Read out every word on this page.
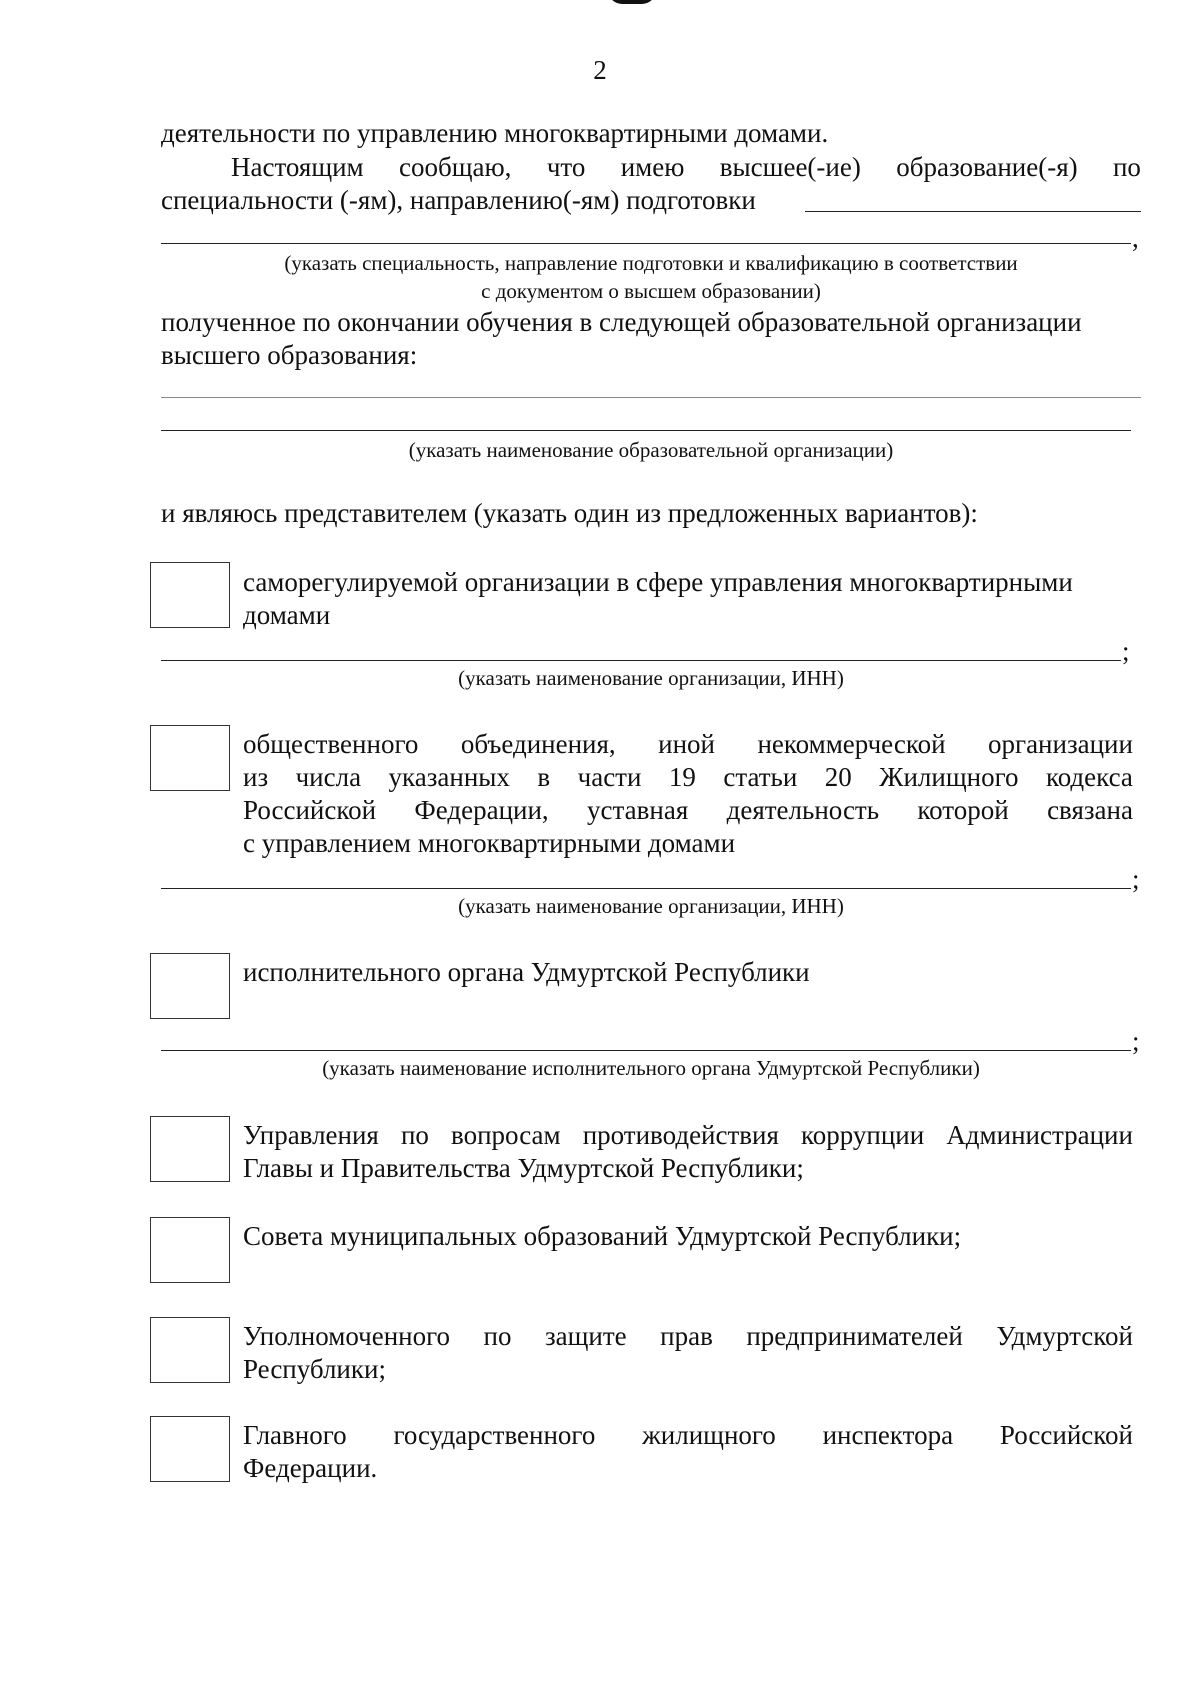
2
деятельности по управлению многоквартирными домами.
Настоящим сообщаю, что имею высшее(-ие) образование(-я) по
специальности (-ям), направлению(-ям) подготовки
,
(указать специальность, направление подготовки и квалификацию в соответствии
с документом о высшем образовании)
полученное по окончании обучения в следующей образовательной организации
высшего образования:
(указать наименование образовательной организации)
и являюсь представителем (указать один из предложенных вариантов):
саморегулируемой организации в сфере управления многоквартирными
домами
;
(указать наименование организации, ИНН)
общественного объединения, иной некоммерческой организации
из числа указанных в части 19 статьи 20 Жилищного кодекса
Российской Федерации, уставная деятельность которой связана
с управлением многоквартирными домами
;
(указать наименование организации, ИНН)
исполнительного органа Удмуртской Республики
;
(указать наименование исполнительного органа Удмуртской Республики)
Управления по вопросам противодействия коррупции Администрации
Главы и Правительства Удмуртской Республики;
Совета муниципальных образований Удмуртской Республики;
Уполномоченного по защите прав предпринимателей Удмуртской
Республики;
Главного государственного жилищного инспектора Российской
Федерации.
